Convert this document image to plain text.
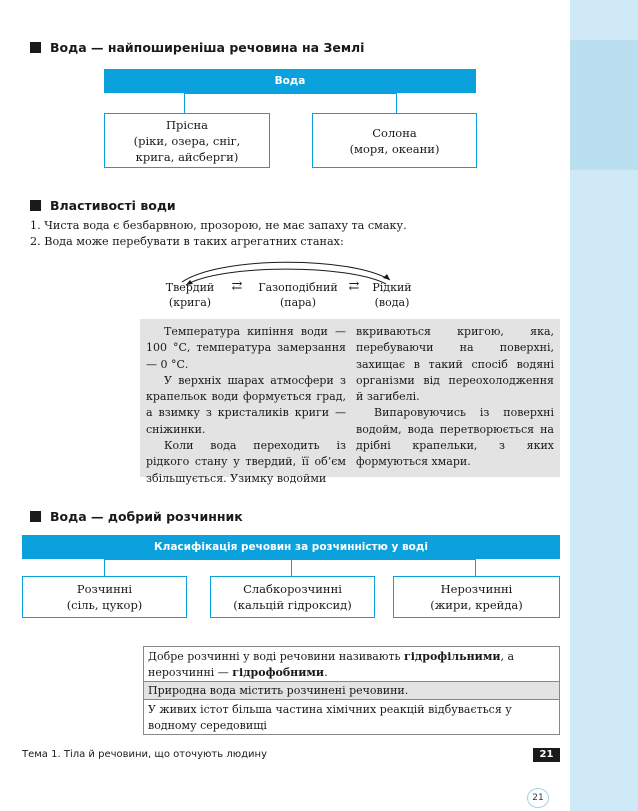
Вода — найпоширеніша речовина на Землі
Вода
Прісна
(ріки, озера, сніг,
крига, айсберги)
Солона
(моря, океани)
Властивості води
1. Чиста вода є безбарвною, прозорою, не має запаху та смаку.
2. Вода може перебувати в таких агрегатних станах:
Твердий
(крига)
⇄	Газоподібний
(пара)
⇄	Рідкий
(вода)

Температура кипіння води — 100 °С, температура замерзання — 0 °С.

У верхніх шарах атмосфери з крапельок води формується град, а взимку з кристаликів криги — сніжинки.

Коли вода переходить із рідкого стану у твердий, її об’єм збільшується. Узимку водойми

вкриваються кригою, яка, перебуваючи на поверхні, захищає в такий спосіб водяні організми від переохолодження й загибелі.

Випаровуючись із поверхні водойм, вода перетворюється на дрібні крапельки, з яких формуються хмари.

Вода — добрий розчинник
Класифікація речовин за розчинністю у воді
Розчинні
(сіль, цукор)
Слабкорозчинні
(кальцій гідроксид)
Нерозчинні
(жири, крейда)
Добре розчинні у воді речовини називають гідрофільними, а нерозчинні — гідрофобними.
Природна вода містить розчинені речовини.
У живих істот більша частина хімічних реакцій відбувається у водному середовищі
Тема 1. Тіла й речовини, що оточують людину	21
21
